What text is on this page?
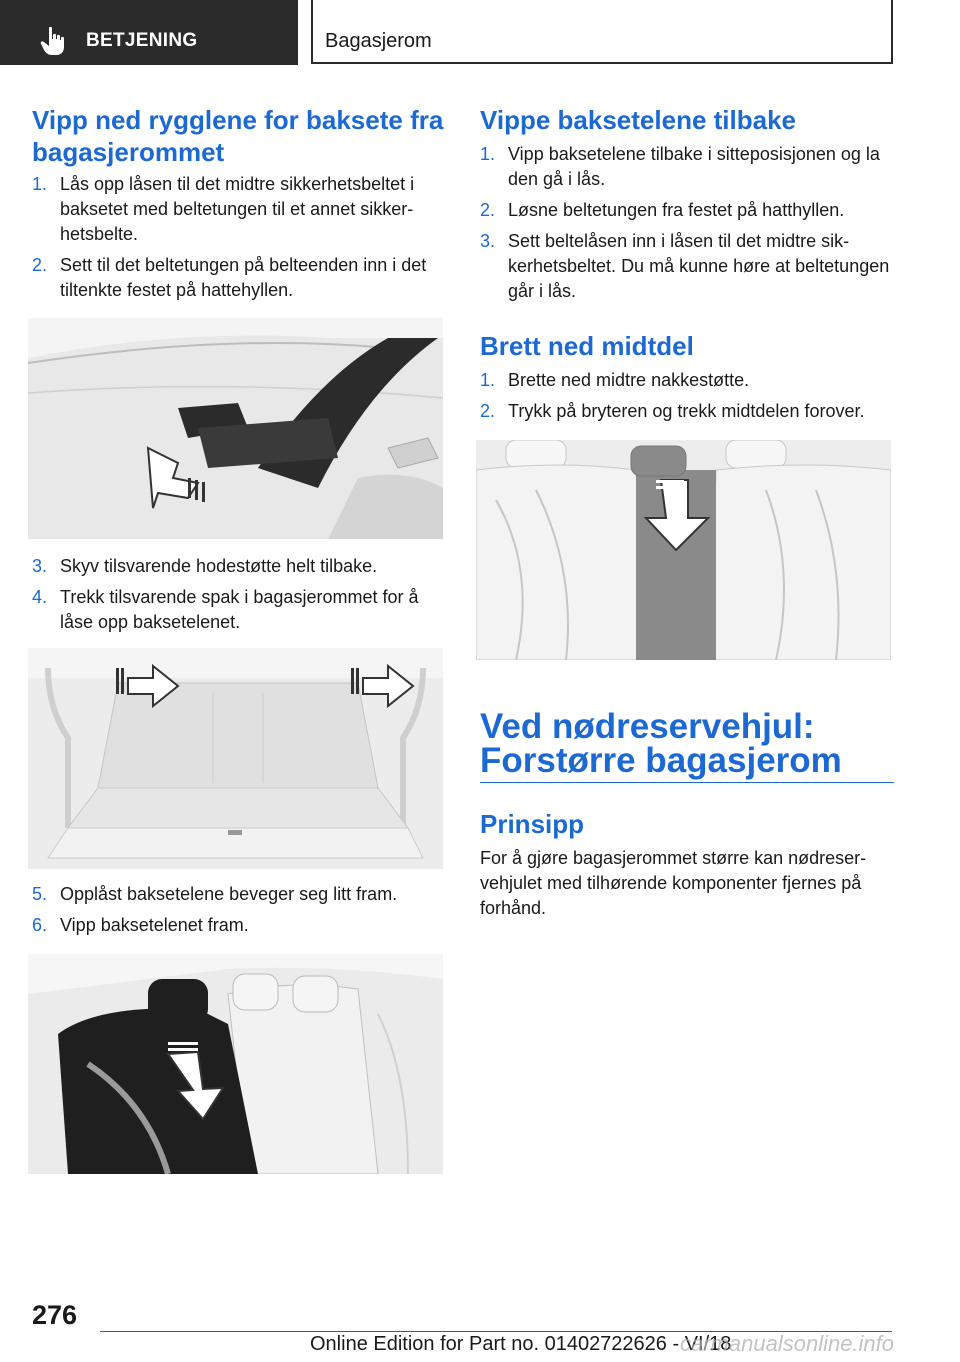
BETJENING	Bagasjerom
Vipp ned rygglene for baksete fra bagasjerommet
1. Lås opp låsen til det midtre sikkerhetsbeltet i baksetet med beltetungen til et annet sikkerhetsbelte.
2. Sett til det beltetungen på belteenden inn i det tiltenkte festet på hattehyllen.
3. Skyv tilsvarende hodestøtte helt tilbake.
4. Trekk tilsvarende spak i bagasjerommet for å låse opp baksetelenet.
5. Opplåst baksetelene beveger seg litt fram.
6. Vipp baksetelenet fram.
Vippe baksetelene tilbake
1. Vipp baksetelene tilbake i sitteposisjonen og la den gå i lås.
2. Løsne beltetungen fra festet på hatthyllen.
3. Sett beltelåsen inn i låsen til det midtre sikkerhetsbeltet. Du må kunne høre at beltetungen går i lås.
Brett ned midtdel
1. Brette ned midtre nakkestøtte.
2. Trykk på bryteren og trekk midtdelen forover.
Ved nødreservehjul:
Forstørre bagasjerom
Prinsipp
For å gjøre bagasjerommet større kan nødreservehjulet med tilhørende komponenter fjernes på forhånd.
276
Online Edition for Part no. 01402722626 - VI/18
carmanualsonline.info
